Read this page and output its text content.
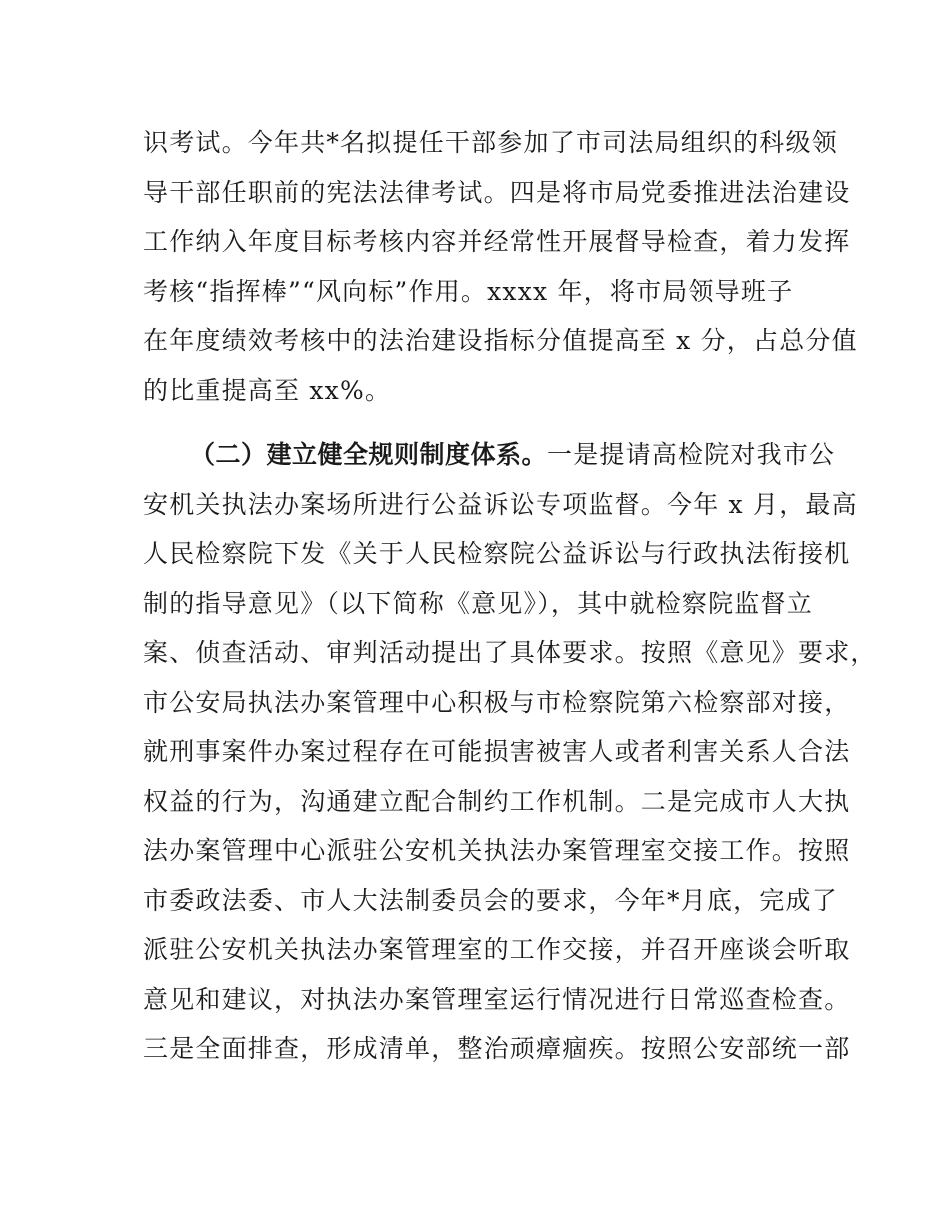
识考试。今年共*名拟提任干部参加了市司法局组织的科级领
导干部任职前的宪法法律考试。四是将市局党委推进法治建设
工作纳入年度目标考核内容并经常性开展督导检查，着力发挥
考核“指挥棒”“风向标”作用。xxxx 年，将市局领导班子
在年度绩效考核中的法治建设指标分值提高至 x 分，占总分值
的比重提高至 xx%。
（二）建立健全规则制度体系。一是提请高检院对我市公
安机关执法办案场所进行公益诉讼专项监督。今年 x 月，最高
人民检察院下发《关于人民检察院公益诉讼与行政执法衔接机
制的指导意见》（以下简称《意见》），其中就检察院监督立
案、侦查活动、审判活动提出了具体要求。按照《意见》要求，
市公安局执法办案管理中心积极与市检察院第六检察部对接，
就刑事案件办案过程存在可能损害被害人或者利害关系人合法
权益的行为，沟通建立配合制约工作机制。二是完成市人大执
法办案管理中心派驻公安机关执法办案管理室交接工作。按照
市委政法委、市人大法制委员会的要求，今年*月底，完成了
派驻公安机关执法办案管理室的工作交接，并召开座谈会听取
意见和建议，对执法办案管理室运行情况进行日常巡查检查。
三是全面排查，形成清单，整治顽瘴痼疾。按照公安部统一部
